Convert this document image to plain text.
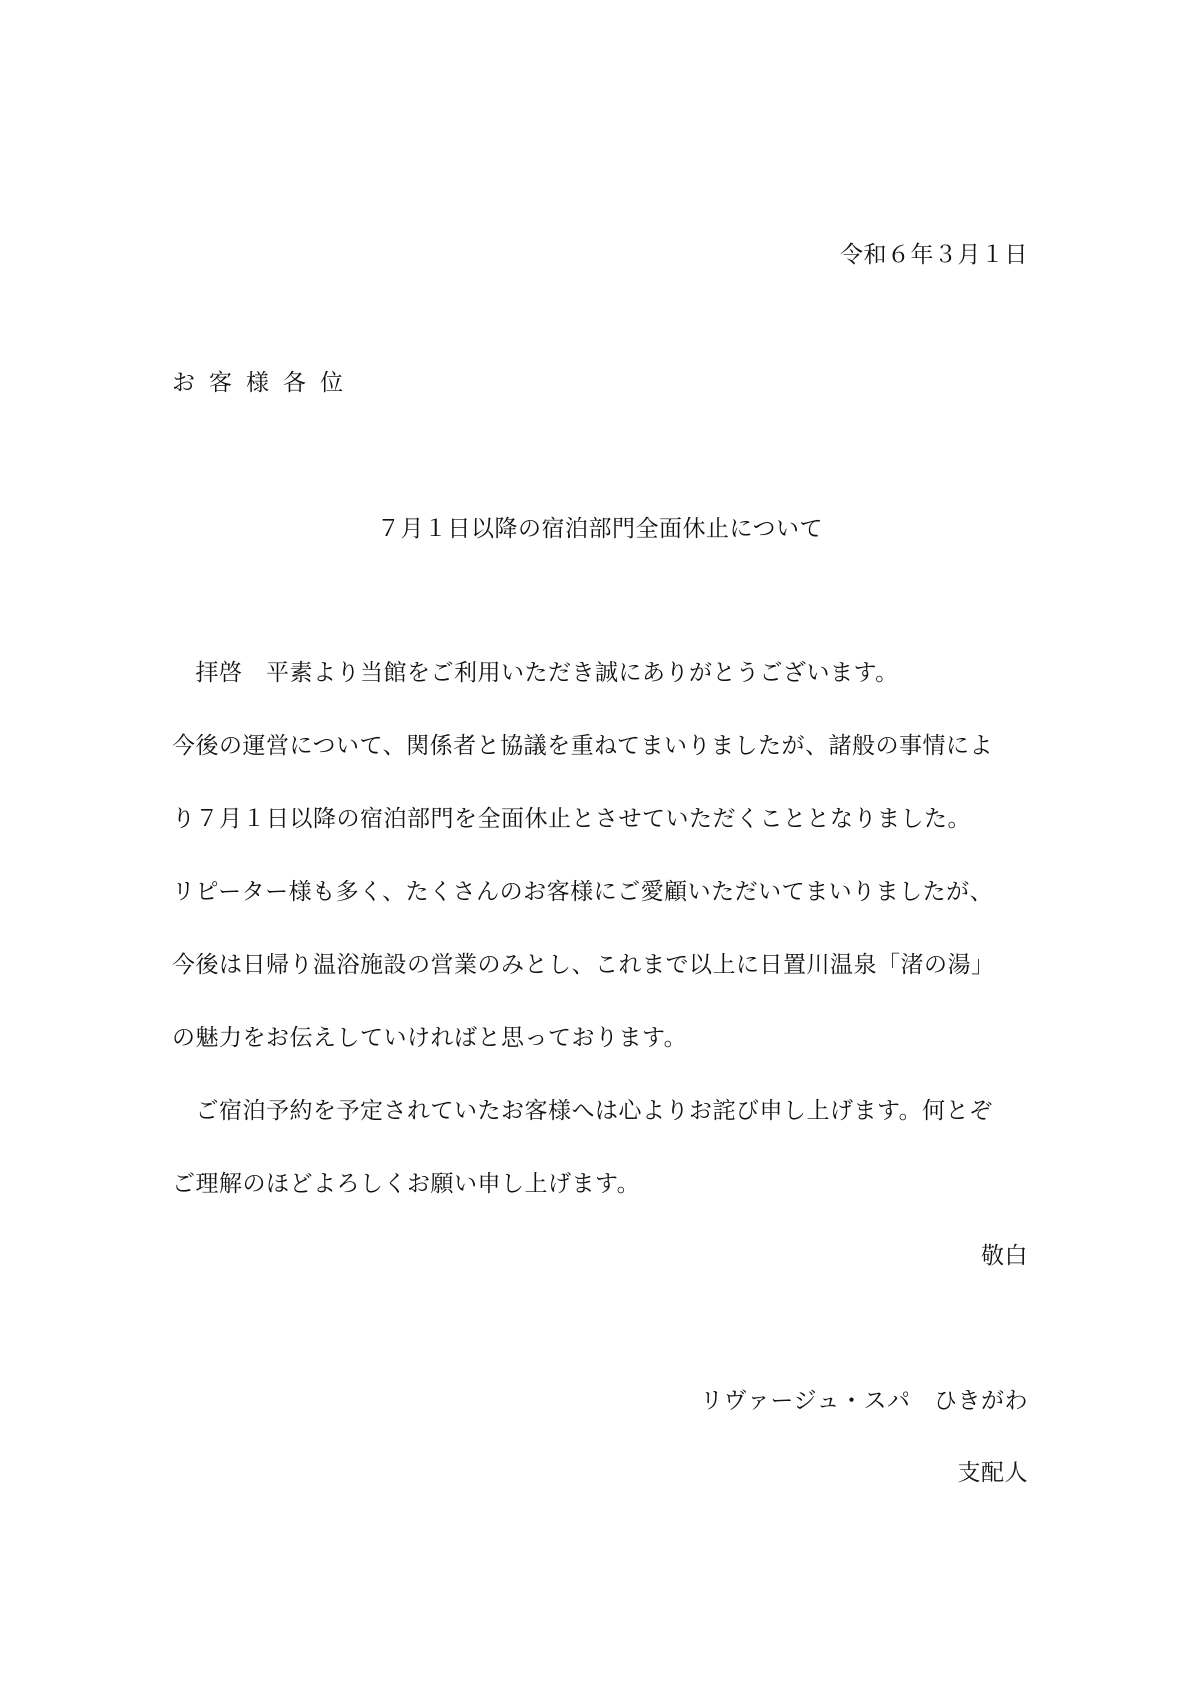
令和６年３月１日
お客様各位
７月１日以降の宿泊部門全面休止について
　拝啓　平素より当館をご利用いただき誠にありがとうございます。
今後の運営について、関係者と協議を重ねてまいりましたが、諸般の事情によ
り７月１日以降の宿泊部門を全面休止とさせていただくこととなりました。
リピーター様も多く、たくさんのお客様にご愛顧いただいてまいりましたが、
今後は日帰り温浴施設の営業のみとし、これまで以上に日置川温泉「渚の湯」
の魅力をお伝えしていければと思っております。
　ご宿泊予約を予定されていたお客様へは心よりお詫び申し上げます。何とぞ
ご理解のほどよろしくお願い申し上げます。
敬白
リヴァージュ・スパ　ひきがわ
支配人
